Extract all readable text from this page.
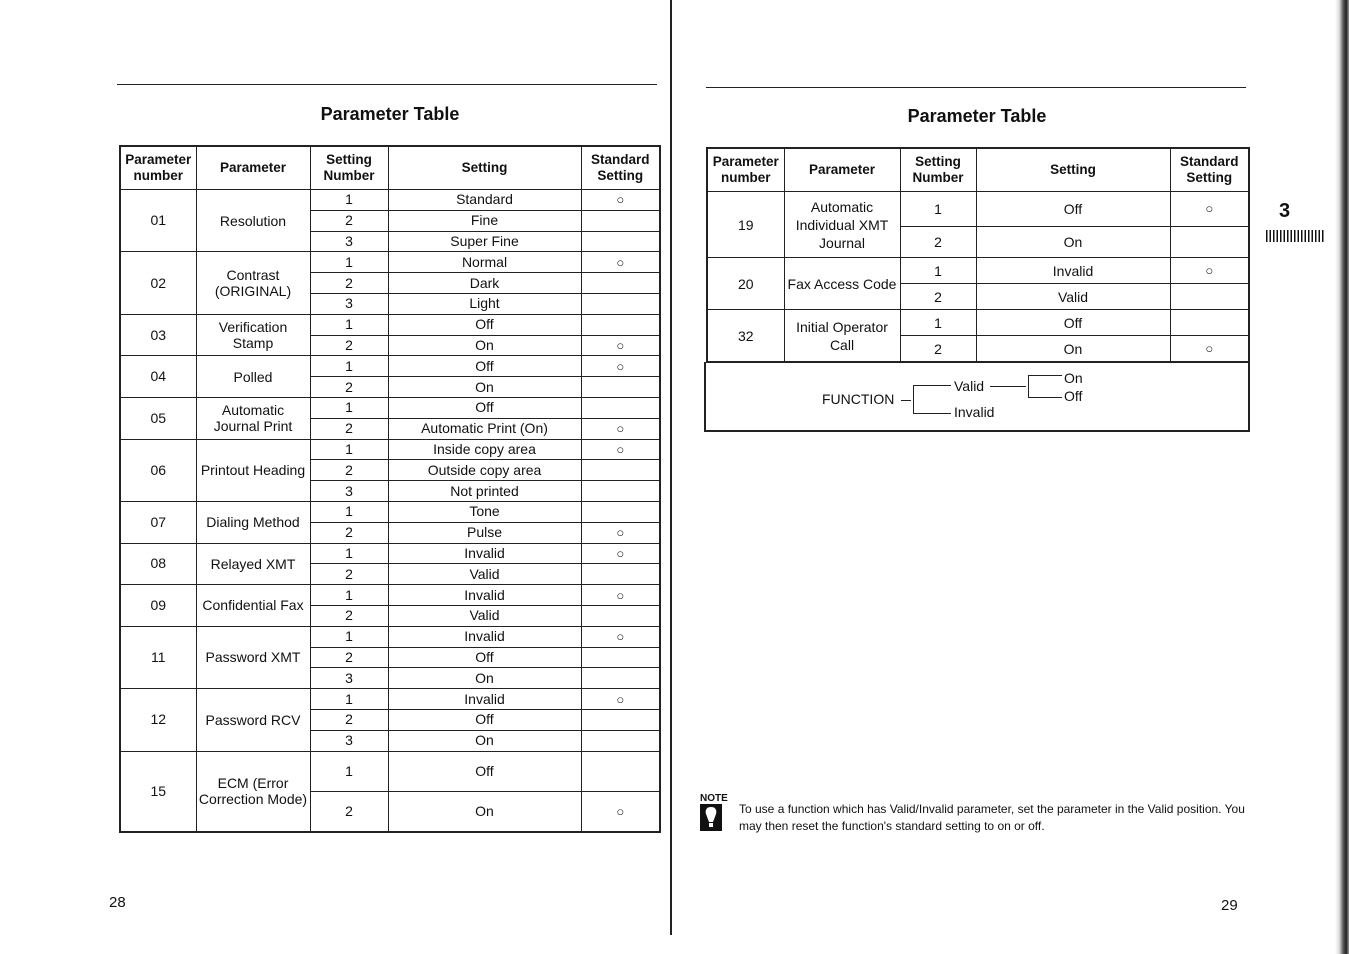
Parameter Table
Parameter number	Parameter	Setting Number	Setting	Standard Setting
01	Resolution	1	Standard	○
		2	Fine	
		3	Super Fine	
02	Contrast (ORIGINAL)	1	Normal	○
		2	Dark	
		3	Light	
03	Verification Stamp	1	Off	
		2	On	○
04	Polled	1	Off	○
		2	On	
05	Automatic Journal Print	1	Off	
		2	Automatic Print (On)	○
06	Printout Heading	1	Inside copy area	○
		2	Outside copy area	
		3	Not printed	
07	Dialing Method	1	Tone	
		2	Pulse	○
08	Relayed XMT	1	Invalid	○
		2	Valid	
09	Confidential Fax	1	Invalid	○
		2	Valid	
11	Password XMT	1	Invalid	○
		2	Off	
		3	On	
12	Password RCV	1	Invalid	○
		2	Off	
		3	On	
15	ECM (Error Correction Mode)	1	Off	
		2	On	○
28
Parameter Table
Parameter number	Parameter	Setting Number	Setting	Standard Setting
19	Automatic Individual XMT Journal	1	Off	○
		2	On	
20	Fax Access Code	1	Invalid	○
		2	Valid	
32	Initial Operator Call	1	Off	
		2	On	○
FUNCTION
Valid	On
Off
Invalid
NOTE
To use a function which has Valid/Invalid parameter, set the parameter in the Valid position. You may then reset the function's standard setting to on or off.
3
29
